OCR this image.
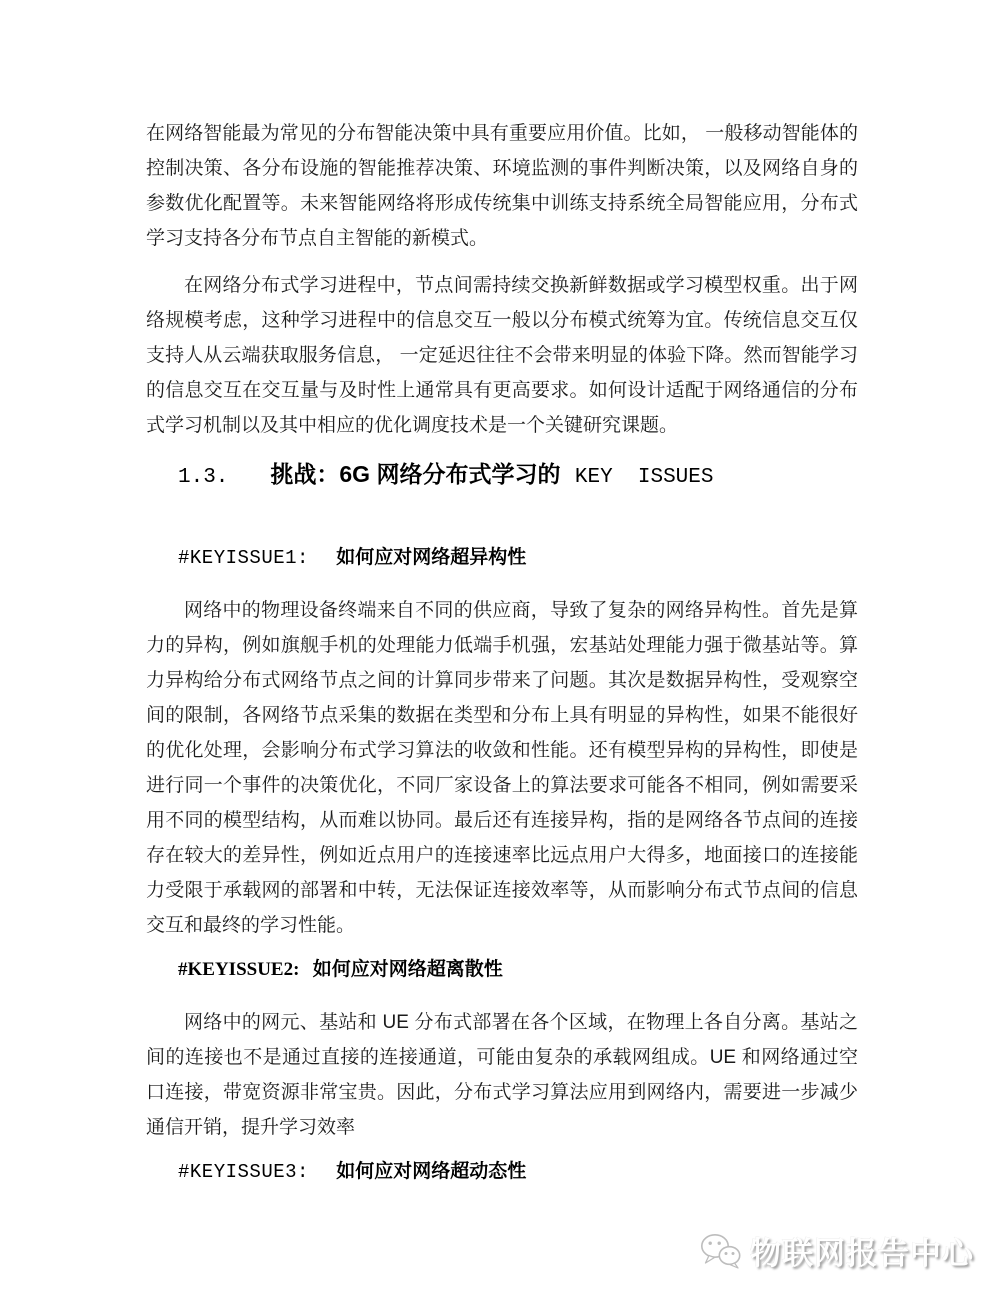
在网络智能最为常见的分布智能决策中具有重要应用价值。比如， 一般移动智能体的控制决策、各分布设施的智能推荐决策、环境监测的事件判断决策，以及网络自身的参数优化配置等。未来智能网络将形成传统集中训练支持系统全局智能应用，分布式学习支持各分布节点自主智能的新模式。

在网络分布式学习进程中，节点间需持续交换新鲜数据或学习模型权重。出于网络规模考虑，这种学习进程中的信息交互一般以分布模式统筹为宜。传统信息交互仅支持人从云端获取服务信息， 一定延迟往往不会带来明显的体验下降。然而智能学习的信息交互在交互量与及时性上通常具有更高要求。如何设计适配于网络通信的分布式学习机制以及其中相应的优化调度技术是一个关键研究课题。

1.3. 挑战：6G 网络分布式学习的 KEY  ISSUES
#KEYISSUE1: 如何应对网络超异构性

网络中的物理设备终端来自不同的供应商，导致了复杂的网络异构性。首先是算力的异构，例如旗舰手机的处理能力低端手机强，宏基站处理能力强于微基站等。算力异构给分布式网络节点之间的计算同步带来了问题。其次是数据异构性，受观察空间的限制，各网络节点采集的数据在类型和分布上具有明显的异构性，如果不能很好的优化处理，会影响分布式学习算法的收敛和性能。还有模型异构的异构性，即使是进行同一个事件的决策优化，不同厂家设备上的算法要求可能各不相同，例如需要采用不同的模型结构，从而难以协同。最后还有连接异构，指的是网络各节点间的连接存在较大的差异性，例如近点用户的连接速率比远点用户大得多，地面接口的连接能力受限于承载网的部署和中转，无法保证连接效率等，从而影响分布式节点间的信息交互和最终的学习性能。

#KEYISSUE2: 如何应对网络超离散性

网络中的网元、基站和 UE 分布式部署在各个区域，在物理上各自分离。基站之间的连接也不是通过直接的连接通道，可能由复杂的承载网组成。UE 和网络通过空口连接，带宽资源非常宝贵。因此，分布式学习算法应用到网络内，需要进一步减少通信开销，提升学习效率

#KEYISSUE3: 如何应对网络超动态性
物联网报告中心
